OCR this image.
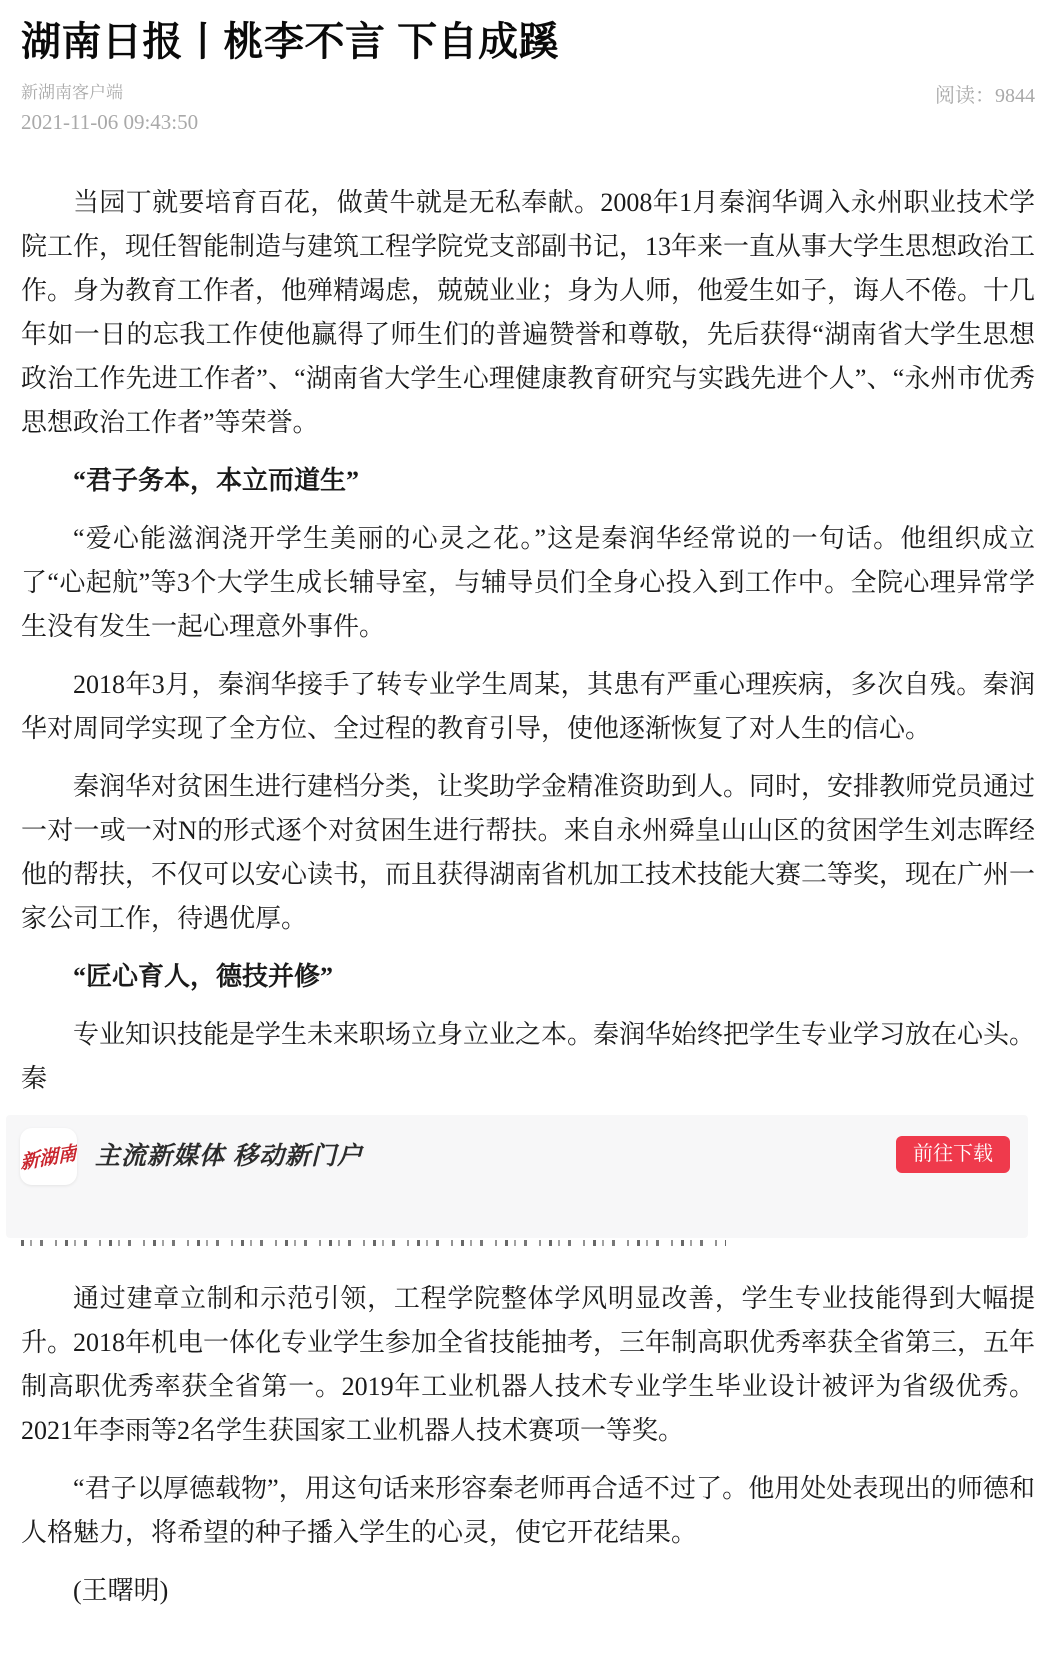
湖南日报丨桃李不言 下自成蹊
新湖南客户端
2021-11-06 09:43:50
阅读：9844

当园丁就要培育百花，做黄牛就是无私奉献。2008年1月秦润华调入永州职业技术学院工作，现任智能制造与建筑工程学院党支部副书记，13年来一直从事大学生思想政治工作。身为教育工作者，他殚精竭虑，兢兢业业；身为人师，他爱生如子，诲人不倦。十几年如一日的忘我工作使他赢得了师生们的普遍赞誉和尊敬，先后获得“湖南省大学生思想政治工作先进工作者”、“湖南省大学生心理健康教育研究与实践先进个人”、“永州市优秀思想政治工作者”等荣誉。

“君子务本，本立而道生”

“爱心能滋润浇开学生美丽的心灵之花。”这是秦润华经常说的一句话。他组织成立了“心起航”等3个大学生成长辅导室，与辅导员们全身心投入到工作中。全院心理异常学生没有发生一起心理意外事件。

2018年3月，秦润华接手了转专业学生周某，其患有严重心理疾病，多次自残。秦润华对周同学实现了全方位、全过程的教育引导，使他逐渐恢复了对人生的信心。

秦润华对贫困生进行建档分类，让奖助学金精准资助到人。同时，安排教师党员通过一对一或一对N的形式逐个对贫困生进行帮扶。来自永州舜皇山山区的贫困学生刘志晖经他的帮扶，不仅可以安心读书，而且获得湖南省机加工技术技能大赛二等奖，现在广州一家公司工作，待遇优厚。

“匠心育人，德技并修”

专业知识技能是学生未来职场立身立业之本。秦润华始终把学生专业学习放在心头。秦

新湖南 主流新媒体 移动新门户	前往下载

通过建章立制和示范引领，工程学院整体学风明显改善，学生专业技能得到大幅提升。2018年机电一体化专业学生参加全省技能抽考，三年制高职优秀率获全省第三，五年制高职优秀率获全省第一。2019年工业机器人技术专业学生毕业设计被评为省级优秀。2021年李雨等2名学生获国家工业机器人技术赛项一等奖。

“君子以厚德载物”，用这句话来形容秦老师再合适不过了。他用处处表现出的师德和人格魅力，将希望的种子播入学生的心灵，使它开花结果。

(王曙明)
